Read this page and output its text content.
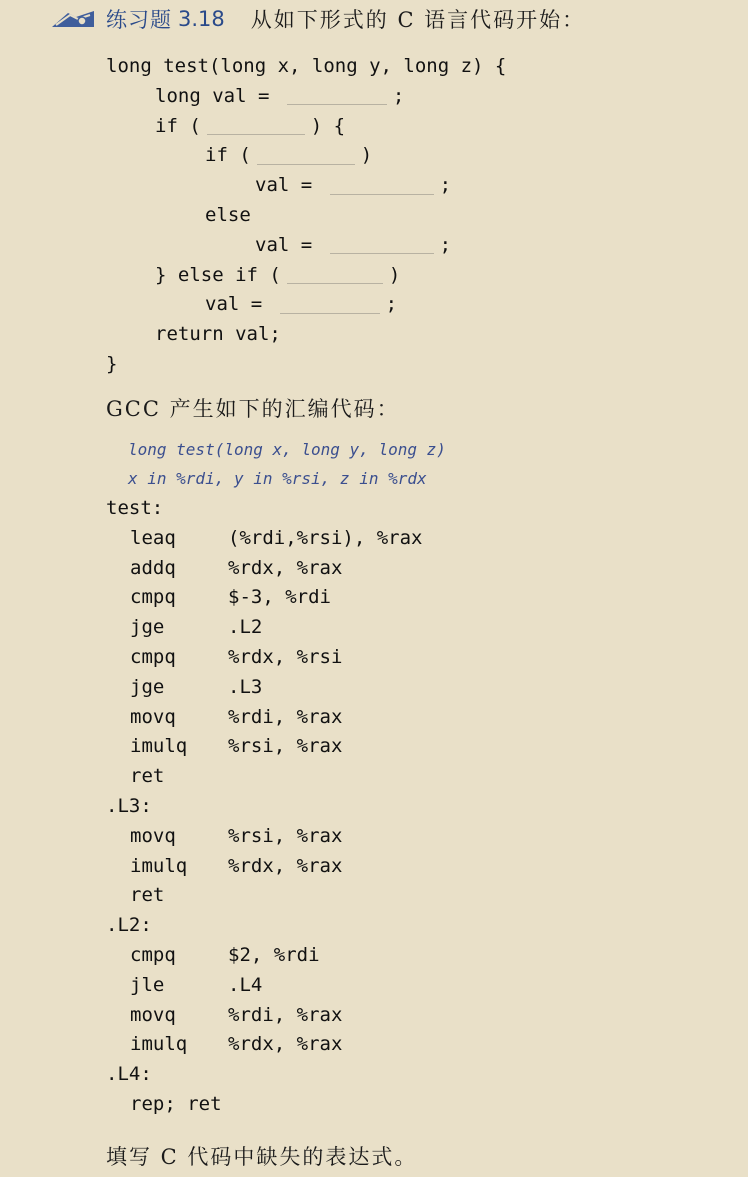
练习题 3.18 从如下形式的 C 语言代码开始：
long test(long x, long y, long z) {
long val =	;
if (	) {
if (	)
val =	;
else
val =	;
} else if (	)
val =	;
return val;
}
GCC 产生如下的汇编代码：
long test(long x, long y, long z)
x in %rdi, y in %rsi, z in %rdx
test:
leaq	(%rdi,%rsi), %rax
addq	%rdx, %rax
cmpq	$-3, %rdi
jge	.L2
cmpq	%rdx, %rsi
jge	.L3
movq	%rdi, %rax
imulq	%rsi, %rax
ret
.L3:
movq	%rsi, %rax
imulq	%rdx, %rax
ret
.L2:
cmpq	$2, %rdi
jle	.L4
movq	%rdi, %rax
imulq	%rdx, %rax
.L4:
rep; ret
填写 C 代码中缺失的表达式。
